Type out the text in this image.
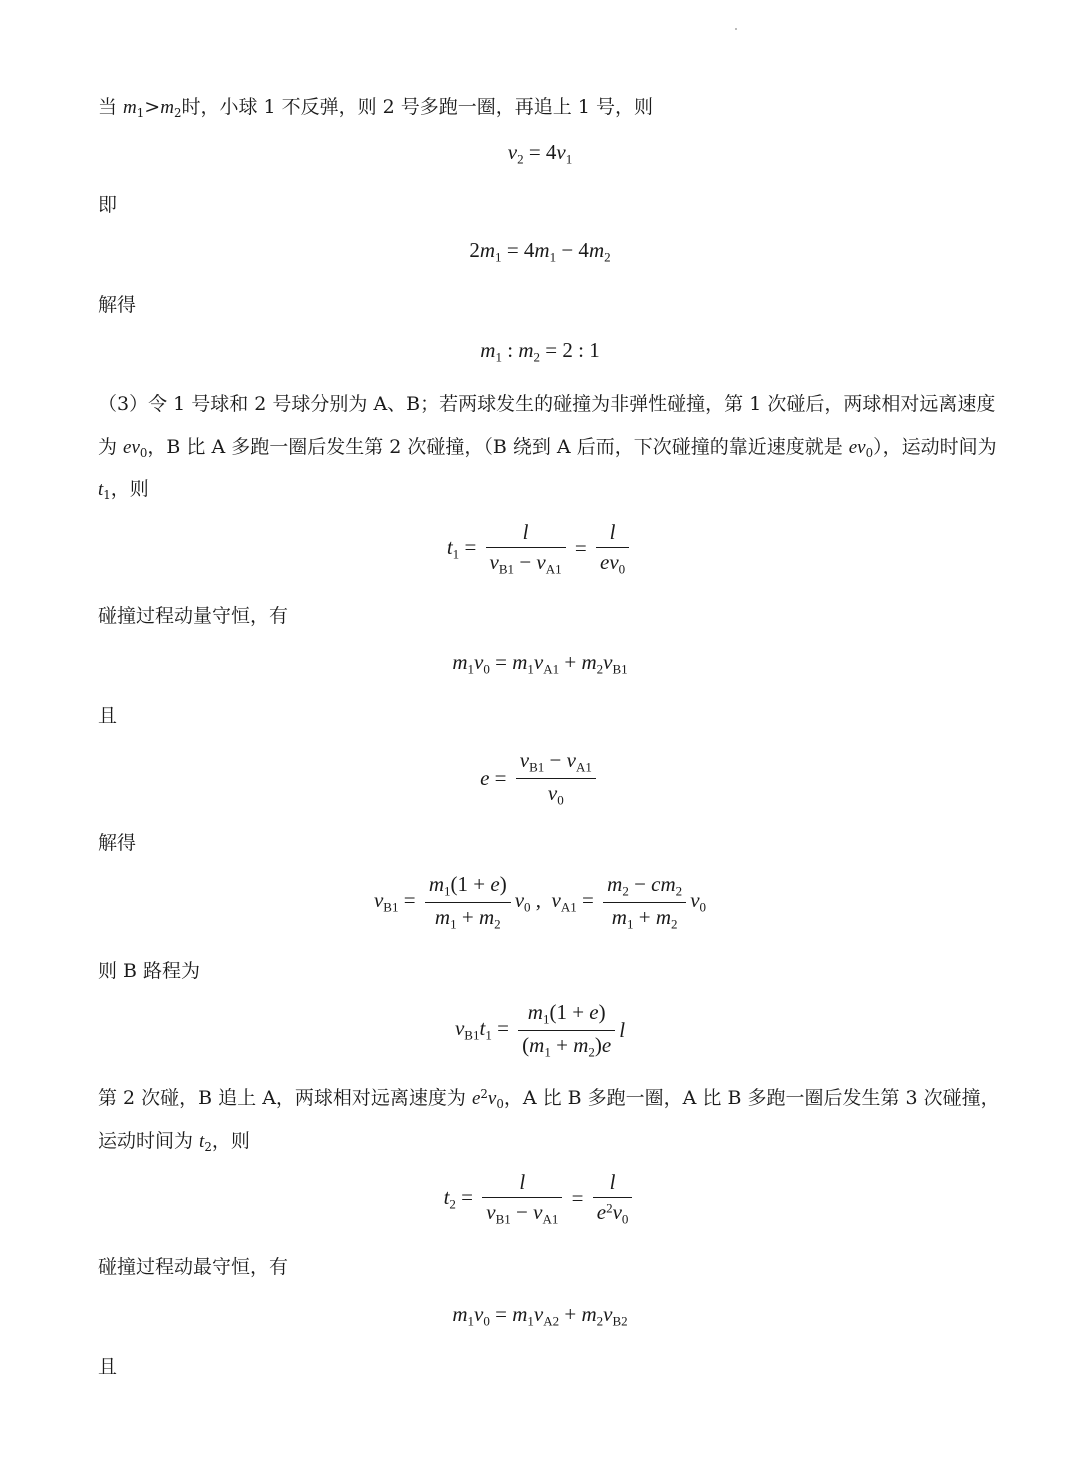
当 $m_1>m_2$时，小球 1 不反弹，则 2 号多跑一圈，再追上 1 号，则
$v_2 = 4v_1$
即
$2m_1 = 4m_1 - 4m_2$
解得
$m_1$ : $m_2 = 2$ : 1
（3）令 1 号球和 2 号球分别为 A、B；若两球发生的碰撞为非弹性碰撞，第 1 次碰后，两球相对远离速度
为 $ev_0$，B 比 A 多跑一圈后发生第 2 次碰撞，（B 绕到 A 后而，下次碰撞的靠近速度就是 $ev_0$），运动时间为
$t_1$，则
$t_1 = \frac{l}{v_{B1} - v_{A1}} = \frac{l}{ev_0}$
碰撞过程动量守恒，有
$m_1v_0 = m_1v_{A1} + m_2v_{B1}$
且
$e = \frac{v_{B1} - v_{A1}}{v_0}$
解得
$v_{B1} = \frac{m_1(1 + e)}{m_1 + m_2} v_0$ ,  $v_{A1} = \frac{m_2 - cm_2}{m_1 + m_2} v_0$
则 B 路程为
$v_{B1}t_1 = \frac{m_1(1 + e)}{(m_1 + m_2)e}$ l
第 2 次碰，B 追上 A，两球相对远离速度为 $e^2v_0$，A 比 B 多跑一圈，A 比 B 多跑一圈后发生第 3 次碰撞，
运动时间为 $t_2$，则
$t_2 = \frac{l}{v_{B1} - v_{A1}} = \frac{l}{e^2v_0}$
碰撞过程动最守恒，有
$m_1v_0 = m_1v_{A2} + m_2v_{B2}$
且
